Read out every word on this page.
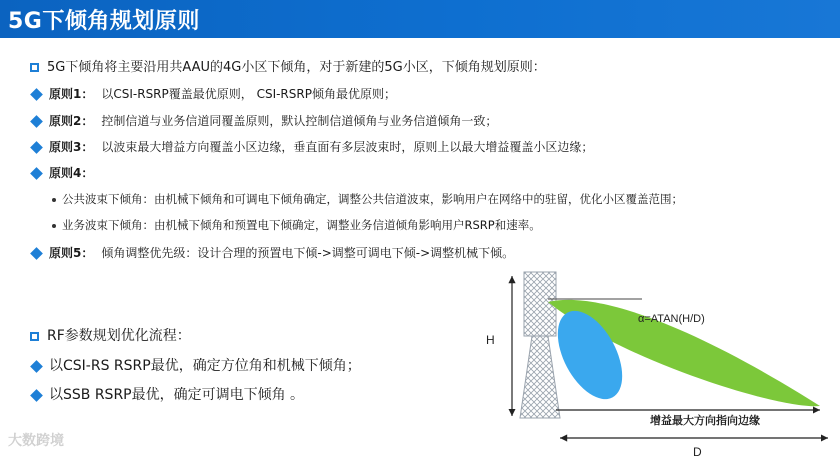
5G下倾角规划原则
5G下倾角将主要沿用共AAU的4G小区下倾角，对于新建的5G小区，下倾角规划原则：
原则1： 以CSI-RSRP覆盖最优原则， CSI-RSRP倾角最优原则；
原则2： 控制信道与业务信道同覆盖原则，默认控制信道倾角与业务信道倾角一致；
原则3： 以波束最大增益方向覆盖小区边缘，垂直面有多层波束时，原则上以最大增益覆盖小区边缘；
原则4：
公共波束下倾角：由机械下倾角和可调电下倾角确定，调整公共信道波束，影响用户在网络中的驻留，优化小区覆盖范围；
业务波束下倾角：由机械下倾角和预置电下倾确定，调整业务信道倾角影响用户RSRP和速率。
原则5： 倾角调整优先级：设计合理的预置电下倾->调整可调电下倾->调整机械下倾。
RF参数规划优化流程：
以CSI-RS RSRP最优，确定方位角和机械下倾角；
以SSB RSRP最优，确定可调电下倾角 。
H
α=ATAN(H/D)
增益最大方向指向边缘
D
大数跨境
